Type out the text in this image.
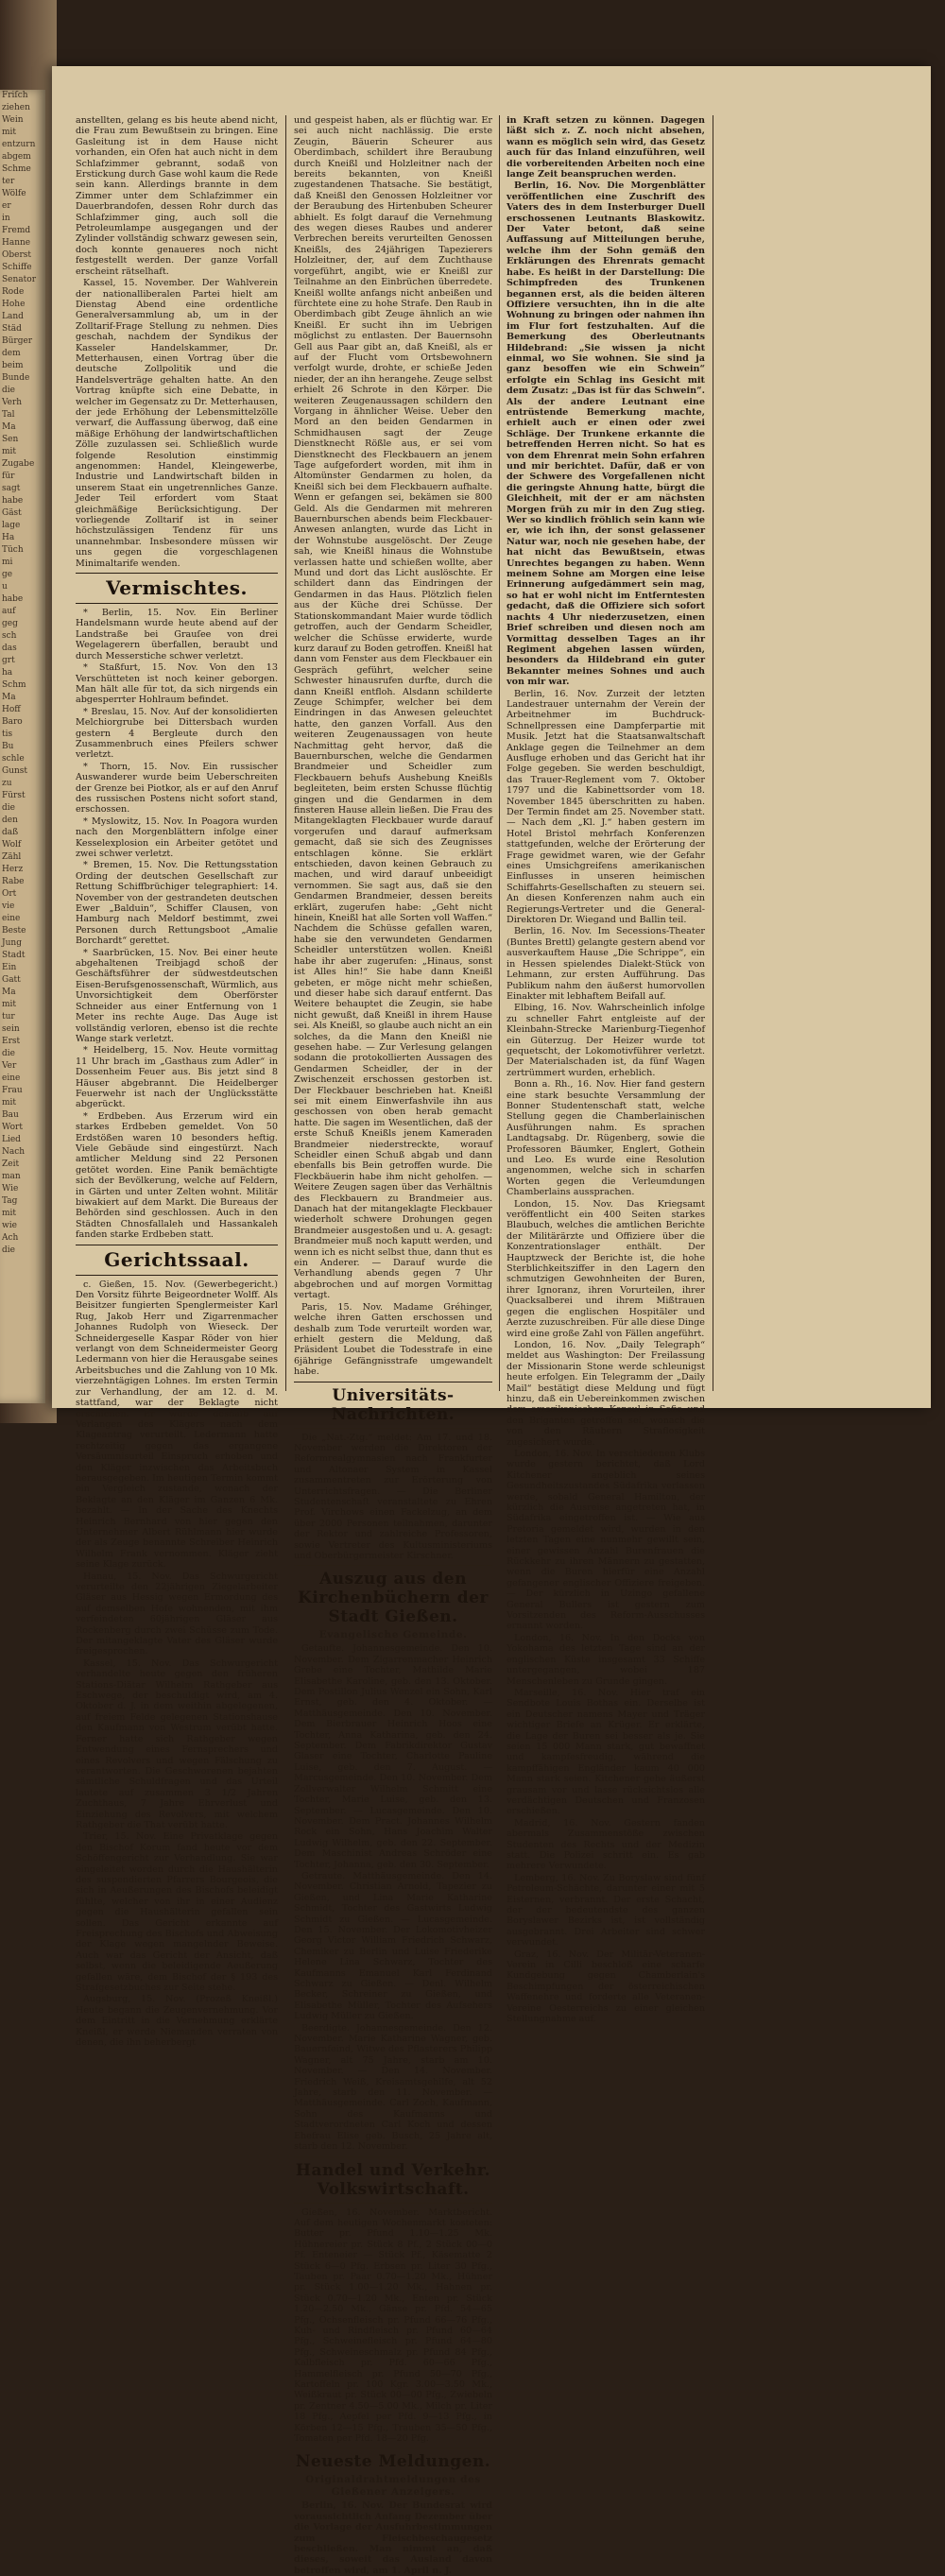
Friſch

ziehen

Wein

mit

entzurn

abgem

Schme

ter

Wölfe

er

in

Fremd

Hanne

Oberst

Schiffe

Senator

Rode

Hohe

Land

Städ

Bürger

dem

beim

Bunde

die

Verh

Tal

Ma

Sen

mit

Zugabe

für

sagt

habe

Gäst

lage

Ha

Tüch

mi

ge

u

habe

auf

geg

sch

das

grt

ha

Schm

Ma

Hoff

Baro

tis

Bu

schle

Gunst

zu

Fürst

die

den

daß

Wolf

Zähl

Herz

Rabe

Ort

vie

eine

Beste

Jung

Stadt

Ein

Gatt

Ma

mit

tur

sein

Erst

die

Ver

eine

Frau

mit

Bau

Wort

Lied

Nach

Zeit

man

Wie

Tag

mit

wie

Ach

die

anstellten, gelang es bis heute abend nicht, die Frau zum Bewußtsein zu bringen. Eine Gasleitung ist in dem Hause nicht vorhanden, ein Ofen hat auch nicht in dem Schlafzimmer gebrannt, sodaß von Erstickung durch Gase wohl kaum die Rede sein kann. Allerdings brannte in dem Zimmer unter dem Schlafzimmer ein Dauerbrandofen, dessen Rohr durch das Schlafzimmer ging, auch soll die Petroleumlampe ausgegangen und der Zylinder vollständig schwarz gewesen sein, doch konnte genaueres noch nicht festgestellt werden. Der ganze Vorfall erscheint rätselhaft.

Kassel, 15. November. Der Wahlverein der nationalliberalen Partei hielt am Dienstag Abend eine ordentliche Generalversammlung ab, um in der Zolltarif-Frage Stellung zu nehmen. Dies geschah, nachdem der Syndikus der Kasseler Handelskammer, Dr. Metterhausen, einen Vortrag über die deutsche Zollpolitik und die Handelsverträge gehalten hatte. An den Vortrag knüpfte sich eine Debatte, in welcher im Gegensatz zu Dr. Metterhausen, der jede Erhöhung der Lebensmittelzölle verwarf, die Auffassung überwog, daß eine mäßige Erhöhung der landwirtschaftlichen Zölle zuzulassen sei. Schließlich wurde folgende Resolution einstimmig angenommen: Handel, Kleingewerbe, Industrie und Landwirtschaft bilden in unserem Staat ein ungetrennliches Ganze. Jeder Teil erfordert vom Staat gleichmäßige Berücksichtigung. Der vorliegende Zolltarif ist in seiner höchstzulässigen Tendenz für uns unannehmbar. Insbesondere müssen wir uns gegen die vorgeschlagenen Minimaltarife wenden.

Vermischtes.

* Berlin, 15. Nov. Ein Berliner Handelsmann wurde heute abend auf der Landstraße bei Grauſee von drei Wegelagerern überfallen, beraubt und durch Messerstiche schwer verletzt.

* Staßfurt, 15. Nov. Von den 13 Verschütteten ist noch keiner geborgen. Man hält alle für tot, da sich nirgends ein abgesperrter Hohlraum befindet.

* Breslau, 15. Nov. Auf der konsolidierten Melchiorgrube bei Dittersbach wurden gestern 4 Bergleute durch den Zusammenbruch eines Pfeilers schwer verletzt.

* Thorn, 15. Nov. Ein russischer Auswanderer wurde beim Ueberschreiten der Grenze bei Piotkor, als er auf den Anruf des russischen Postens nicht sofort stand, erschossen.

* Myslowitz, 15. Nov. In Poagora wurden nach den Morgenblättern infolge einer Kesselexplosion ein Arbeiter getötet und zwei schwer verletzt.

* Bremen, 15. Nov. Die Rettungsstation Ording der deutschen Gesellschaft zur Rettung Schiffbrüchiger telegraphiert: 14. November von der gestrandeten deutschen Ewer „Balduin“, Schiffer Clausen, von Hamburg nach Meldorf bestimmt, zwei Personen durch Rettungsboot „Amalie Borchardt“ gerettet.

* Saarbrücken, 15. Nov. Bei einer heute abgehaltenen Treibjagd schoß der Geschäftsführer der südwestdeutschen Eisen-Berufsgenossenschaft, Würmlich, aus Unvorsichtigkeit dem Oberförster Schneider aus einer Entfernung von 1 Meter ins rechte Auge. Das Auge ist vollständig verloren, ebenso ist die rechte Wange stark verletzt.

* Heidelberg, 15. Nov. Heute vormittag 11 Uhr brach im „Gasthaus zum Adler“ in Dossenheim Feuer aus. Bis jetzt sind 8 Häuser abgebrannt. Die Heidelberger Feuerwehr ist nach der Unglücksstätte abgerückt.

* Erdbeben. Aus Erzerum wird ein starkes Erdbeben gemeldet. Von 50 Erdstößen waren 10 besonders heftig. Viele Gebäude sind eingestürzt. Nach amtlicher Meldung sind 22 Personen getötet worden. Eine Panik bemächtigte sich der Bevölkerung, welche auf Feldern, in Gärten und unter Zelten wohnt. Militär biwakiert auf dem Markt. Die Bureaus der Behörden sind geschlossen. Auch in den Städten Chnosfallaleh und Hassankaleh fanden starke Erdbeben statt.

Gerichtssaal.

c. Gießen, 15. Nov. (Gewerbegericht.) Den Vorsitz führte Beigeordneter Wolff. Als Beisitzer fungierten Spenglermeister Karl Rug, Jakob Herr und Zigarrenmacher Johannes Rudolph von Wieseck. Der Schneidergeselle Kaspar Röder von hier verlangt von dem Schneidermeister Georg Ledermann von hier die Herausgabe seines Arbeitsbuches und die Zahlung von 10 Mk. vierzehntägigen Lohnes. Im ersten Termin zur Verhandlung, der am 12. d. M. stattfand, war der Beklagte nicht erschienen. Er wurde deshalb auf Verlangen des Klägers nach dem Klageantrag verurteilt. Ledermann hatte rechtzeitig gegen das ergangene Versäumnisurteil Einspruch erhoben und den Kläger inzwischen das Arbeitsbuch herausgegeben. Im heutigen Termin kommt ein Vergleich zustande, wonach der Beklagte an den Kläger im Ganzen 6 Mk. bezahlt. — In der Sache des Knechts Heinrich Bernhard von hier gegen den Unternehmer Albert Rühlmann hier wurde der als Zeuge benannte Schreiber Heinrich Wilhelm Frank vernommen. Kläger zieht seine Klage zurück.

Hanau, 15. Nov. Das Schwurgericht verurteilte den 22jährigen Ziegelarbeiter Gläser aus Hessig wegen Ermordung des auf demselben Hofe wohnenden, mit ihm verfeindeten 60jährigen Gläser aus Rockenberg durch zwei Schüsse zum Tode. Der mitangeklagte Vater des Gläser wurde freigesprochen.

Kassel, 15. Nov. Das Schwurgericht verhandelte heute gegen den früheren Stations-Diätar Wilhelm Rathgeber aus Eschwege, der beschuldigt wird, am 4. Oktober d. J. in dem weithin abgelegenen, auf freiem Felde gelegenen Stationshause den Kaufmann von Westrum verübt hatte. Ferner hatte sich Rathgeber wegen Entwendung eines Fernsprechers und eines Revolvers und wegen Fälschung zu verantworten. Die Geschworenen bejahten sämtliche Schuldfragen und das Urteil lautete auf zusammen 3 1/2 Jahren Zuchthaus, 7 Jahre Ehrverlust und Einziehung des Revolvers, mit welchem Rathgeber die That verübt hatte.

Trier, 15. Nov. Eine Privatklage gegen den Bischof Korum fand heute vor dem Schöffengericht zur Verhandlung. Sie war eingeleitet worden durch die Haushälterin des suspendierten Pfarrers Bourgeois, die sich in Aeußerungen des Bischofs beleidigt fühlte, welcher von ihr in einer Audienz gegen die Haushälterin gefallen sein sollen. Das Gericht erkannte auf Freisprechung des Bischofs und Abweisung der Klage wegen mangelnder Beweise. Auch war das Gericht der Ansicht, daß selbst, wenn die beleidigende Aeußerung gefallen wäre, dem Bischof der § 193 des Strafgesetzbuches zur Seite stehe.

Augsburg, 15. Nov. (Prozeß Kneißl.) Heute begann die Zeugenvernehmung. Vor dem Eintritt in die Vernehmung erklärte Kneißl, er werde Niemanden verraten von denen, die ihn beherbergt

und gespeist haben, als er flüchtig war. Er sei auch nicht nachlässig. Die erste Zeugin, Bäuerin Scheurer aus Oberdimbach, schildert ihre Beraubung durch Kneißl und Holzleitner nach der bereits bekannten, von Kneißl zugestandenen Thatsache. Sie bestätigt, daß Kneißl den Genossen Holzleitner vor der Beraubung des Hirtenbuben Scheurer abhielt. Es folgt darauf die Vernehmung des wegen dieses Raubes und anderer Verbrechen bereits verurteilten Genossen Kneißls, des 24jährigen Tapezierers Holzleitner, der, auf dem Zuchthause vorgeführt, angibt, wie er Kneißl zur Teilnahme an den Einbrüchen überredete. Kneißl wollte anfangs nicht anbeißen und fürchtete eine zu hohe Strafe. Den Raub in Oberdimbach gibt Zeuge ähnlich an wie Kneißl. Er sucht ihn im Uebrigen möglichst zu entlasten. Der Bauernsohn Gell aus Paar gibt an, daß Kneißl, als er auf der Flucht vom Ortsbewohnern verfolgt wurde, drohte, er schieße Jeden nieder, der an ihn herangehe. Zeuge selbst erhielt 26 Schrote in den Körper. Die weiteren Zeugenaussagen schildern den Vorgang in ähnlicher Weise. Ueber den Mord an den beiden Gendarmen in Schmidhausen sagt der Zeuge Dienstknecht Rößle aus, er sei vom Dienstknecht des Fleckbauern an jenem Tage aufgefordert worden, mit ihm in Altomünster Gendarmen zu holen, da Kneißl sich bei dem Fleckbauern aufhalte. Wenn er gefangen sei, bekämen sie 800 Geld. Als die Gendarmen mit mehreren Bauernburschen abends beim Fleckbauer-Anwesen anlangten, wurde das Licht in der Wohnstube ausgelöscht. Der Zeuge sah, wie Kneißl hinaus die Wohnstube verlassen hatte und schießen wollte, aber Mund und dort das Licht auslöschte. Er schildert dann das Eindringen der Gendarmen in das Haus. Plötzlich fielen aus der Küche drei Schüsse. Der Stationskommandant Maier wurde tödlich getroffen, auch der Gendarm Scheidler, welcher die Schüsse erwiderte, wurde kurz darauf zu Boden getroffen. Kneißl hat dann vom Fenster aus dem Fleckbauer ein Gespräch geführt, welcher seine Schwester hinausrufen durfte, durch die dann Kneißl entfloh. Alsdann schilderte Zeuge Schimpfer, welcher bei dem Eindringen in das Anwesen geleuchtet hatte, den ganzen Vorfall. Aus den weiteren Zeugenaussagen von heute Nachmittag geht hervor, daß die Bauernburschen, welche die Gendarmen Brandmeier und Scheidler zum Fleckbauern behufs Aushebung Kneißls begleiteten, beim ersten Schusse flüchtig gingen und die Gendarmen in dem finsteren Hause allein ließen. Die Frau des Mitangeklagten Fleckbauer wurde darauf vorgerufen und darauf aufmerksam gemacht, daß sie sich des Zeugnisses entschlagen könne. Sie erklärt entschieden, davon keinen Gebrauch zu machen, und wird darauf unbeeidigt vernommen. Sie sagt aus, daß sie den Gendarmen Brandmeier, dessen bereits erklärt, zugerufen habe: „Geht nicht hinein, Kneißl hat alle Sorten voll Waffen.“ Nachdem die Schüsse gefallen waren, habe sie den verwundeten Gendarmen Scheidler unterstützen wollen. Kneißl habe ihr aber zugerufen: „Hinaus, sonst ist Alles hin!“ Sie habe dann Kneißl gebeten, er möge nicht mehr schießen, und dieser habe sich darauf entfernt. Das Weitere behauptet die Zeugin, sie habe nicht gewußt, daß Kneißl in ihrem Hause sei. Als Kneißl, so glaube auch nicht an ein solches, da die Mann den Kneißl nie gesehen habe. — Zur Verlesung gelangen sodann die protokollierten Aussagen des Gendarmen Scheidler, der in der Zwischenzeit erschossen gestorben ist. Der Fleckbauer beschrieben hat. Kneißl sei mit einem Einwerfashvile ihn aus geschossen von oben herab gemacht hatte. Die sagen im Wesentlichen, daß der erste Schuß Kneißls jenem Kameraden Brandmeier niederstreckte, worauf Scheidler einen Schuß abgab und dann ebenfalls bis Bein getroffen wurde. Die Fleckbäuerin habe ihm nicht geholfen. — Weitere Zeugen sagen über das Verhältnis des Fleckbauern zu Brandmeier aus. Danach hat der mitangeklagte Fleckbauer wiederholt schwere Drohungen gegen Brandmeier ausgestoßen und u. A. gesagt: Brandmeier muß noch kaputt werden, und wenn ich es nicht selbst thue, dann thut es ein Anderer. — Darauf wurde die Verhandlung abends gegen 7 Uhr abgebrochen und auf morgen Vormittag vertagt.

Paris, 15. Nov. Madame Gréhinger, welche ihren Gatten erschossen und deshalb zum Tode verurteilt worden war, erhielt gestern die Meldung, daß Präsident Loubet die Todesstrafe in eine 6jährige Gefängnisstrafe umgewandelt habe.

Universitäts-Nachrichten.

Die „Nat.-Ztg.“ meldet: Am 17. und 18. November werden die Direktoren der Reformrealgymnasien nach Frankfurter und Altonaer System in Kassel zusammentreten zur Erörterung von Unterrichtsfragen. — Die Berliner Studentenschaft veranstaltete zu Ehren Prof. Virchows einen Fackelzug, an dem über 2000 Personen teilnahmen, darunter der Rektor und zahlreiche Professoren, sowie Vertreter des Kultusministeriums und Oberbürgermeister Kirschner.

Auszug aus den Kirchenbüchern der Stadt Gießen.
Evangelische Gemeinde.

Getaufte. Johannesgemeinde. Den 10. November. Dem Zigarrenmacher Heinrich Grebe eine Tochter, Mathilde Marie Elisabethe Karoline, geb. den 13. Oktober. Dem Postillon Julius Wenzel ein Sohn, Karl Ernst, geb. den 4. Oktober. — Matthäusgemeinde. Den 10. November. Dem Bierbrauer Heinrich Hoos eine Tochter, Anna Katharina, geb. den 24. September. Dem Fabrikdirektor Gustav Glaser eine Tochter, Charlotte Pauline Luise, geb. den 7. August. — Marcusgemeinde. Den 10. November. Dem Zollverwalter Wilhelm Schmitt eine Tochter, Marie Luise, geb. den 13. September. — Lucasgemeinde. Den 10. November. Dem Pract. Johannes Wilhelm Rock ein Sohn, Hans Joachim Walter Ludwig Wilhelm, geb. den 22. September. Dem Maschinist Andreas Schröder eine Tochter, Johanna, geb. den 30. September.

Getraute. Matthäusgemeinde. Den 14. November. Christian Arnold, Tapezier zu Gießen, und Lina Marie Katharine Schmidt, Tochter des Gastwirts Ludwig Schmidt zu Gießen. — Lucasgemeinde. Den 15. November. Der Lokomotivheizer Georg Victor William Friedrich Schwarz, Chemiker zu Berlin und Luise Friederike Helene Lina Schwarz, Tochter des Kaufmanns Emanuel Karl Ferdinand Schwarz zu Gießen. — Denl. Wilhelm Becker, Schreiner zu Gießen, und Elisabethe Müller, Tochter des Aufsehers Ludwig Müller zu Gießen.

Beerdigte. Johannesgemeinde. Den 12. November. Marie Katharine Wagner, geb. Bauernfeind, Witwe des Pflasterers Philipp Wagner, alt 75 Jahre, starb am 10. November. — Den 14. November. Friedrich Weiß, Kreisamtsgehilfe, alt 52 Jahre, starb den 11. November. — Matthäusgemeinde. Carl Zoch, Kaufmann, Sohn des Kaufmanns und Stadtverordneten Carl Koch und dessen Ehefrau Elise geb. Busch, 25 Jahre alt, starb den 12. November.

Handel und Verkehr. Volkswirtschaft.

Gießen, 16. November. Marktbericht. Auf dem heutigen Wochenmarkt kosteten: Butter pr. Pfund 1.10—1.25 Mk. Hühnereier pr. Stück 8 Pf., 2 Stück 00—0 Pf. Enteneier — Stück Pf., Käsematte 2 Stück 6—0 Pfg. Erbsen pr. Liter 30 Pfg., Tauben pr. Paar 0.70—1.20 Mk., Hühner pr. Stück 1.00—1.20 Mk., Hahnen pr. Stück 0.70—1.20 Mk., Enten pr. Stück 1.20—2.50 Mk., Gänse pr. Pfd. 54—65 Pfg., Ochsenfleisch pr. Pfund 66—76 Pfg., Kuh- und Rindfleisch pr. Pfund 60—64 Pfg., Schweinefleisch pr. Pfund 64—80 Pfg., Schweineschmalz pr. Pfund 84 Pfg., Kalbfleisch pr. Pfd. 60—66 Pfg., Hammelfleisch pr. Pfund 50—70 Pfg., Kartoffeln pr. 100 Kgr. 3.00—3.50 Mk., Weißkraut pr. Stück 00—00 Pfg., Zwiebeln pr. Zentner 4.50—5.00 Mk., Milch pr. Liter 18 Pfg., Aepfel per Pfd. 9—13 Pfg., in Körben 12—15 Pfg., Trauben 35—50 Pfg., Tomaten per Pfd. 18—20 Pfg.

Neueste Meldungen.
Originaldrahtmeldungen des Gießener Anzeigers.

Berlin, 16. Nov. Der Bundesrat wird voraussichtlich Anfang Dezember über die Vorlage der Ausfuhrbestimmungen zum Fleischbeschaugesetz beschließen. Man nimmt an, daß dieses, soweit das Ausland davon betroffen wird, am 1. April n. J.

in Kraft setzen zu können. Dagegen läßt sich z. Z. noch nicht absehen, wann es möglich sein wird, das Gesetz auch für das Inland einzuführen, weil die vorbereitenden Arbeiten noch eine lange Zeit beanspruchen werden.

Berlin, 16. Nov. Die Morgenblätter veröffentlichen eine Zuschrift des Vaters des in dem Insterburger Duell erschossenen Leutnants Blaskowitz. Der Vater betont, daß seine Auffassung auf Mitteilungen beruhe, welche ihm der Sohn gemäß den Erklärungen des Ehrenrats gemacht habe. Es heißt in der Darstellung: Die Schimpfreden des Trunkenen begannen erst, als die beiden älteren Offiziere versuchten, ihn in die alte Wohnung zu bringen oder nahmen ihn im Flur fort festzuhalten. Auf die Bemerkung des Oberleutnants Hildebrand: „Sie wissen ja nicht einmal, wo Sie wohnen. Sie sind ja ganz besoffen wie ein Schwein“ erfolgte ein Schlag ins Gesicht mit dem Zusatz: „Das ist für das Schwein“. Als der andere Leutnant eine entrüstende Bemerkung machte, erhielt auch er einen oder zwei Schläge. Der Trunkene erkannte die betreffenden Herren nicht. So hat es von dem Ehrenrat mein Sohn erfahren und mir berichtet. Dafür, daß er von der Schwere des Vorgefallenen nicht die geringste Ahnung hatte, bürgt die Gleichheit, mit der er am nächsten Morgen früh zu mir in den Zug stieg. Wer so kindlich fröhlich sein kann wie er, wie ich ihn, der sonst gelassener Natur war, noch nie gesehen habe, der hat nicht das Bewußtsein, etwas Unrechtes begangen zu haben. Wenn meinem Sohne am Morgen eine leise Erinnerung aufgedämmert sein mag, so hat er wohl nicht im Entferntesten gedacht, daß die Offiziere sich sofort nachts 4 Uhr niederzusetzen, einen Brief schreiben und diesen noch am Vormittag desselben Tages an ihr Regiment abgehen lassen würden, besonders da Hildebrand ein guter Bekannter meines Sohnes und auch von mir war.

Berlin, 16. Nov. Zurzeit der letzten Landestrauer unternahm der Verein der Arbeitnehmer im Buchdruck-Schnellpressen eine Dampferpartie mit Musik. Jetzt hat die Staatsanwaltschaft Anklage gegen die Teilnehmer an dem Ausfluge erhoben und das Gericht hat ihr Folge gegeben. Sie werden beschuldigt, das Trauer-Reglement vom 7. Oktober 1797 und die Kabinettsorder vom 18. November 1845 überschritten zu haben. Der Termin findet am 25. November statt. — Nach dem „Kl. J.“ haben gestern im Hotel Bristol mehrfach Konferenzen stattgefunden, welche der Erörterung der Frage gewidmet waren, wie der Gefahr eines Umsichgreifens amerikanischen Einflusses in unseren heimischen Schiffahrts-Gesellschaften zu steuern sei. An diesen Konferenzen nahm auch ein Regierungs-Vertreter und die General-Direktoren Dr. Wiegand und Ballin teil.

Berlin, 16. Nov. Im Secessions-Theater (Buntes Brettl) gelangte gestern abend vor ausverkauftem Hause „Die Schrippe“, ein in Hessen spielendes Dialekt-Stück von Lehmann, zur ersten Aufführung. Das Publikum nahm den äußerst humorvollen Einakter mit lebhaftem Beifall auf.

Elbing, 16. Nov. Wahrscheinlich infolge zu schneller Fahrt entgleiste auf der Kleinbahn-Strecke Marienburg-Tiegenhof ein Güterzug. Der Heizer wurde tot gequetscht, der Lokomotivführer verletzt. Der Materialschaden ist, da fünf Wagen zertrümmert wurden, erheblich.

Bonn a. Rh., 16. Nov. Hier fand gestern eine stark besuchte Versammlung der Bonner Studentenschaft statt, welche Stellung gegen die Chamberlainischen Ausführungen nahm. Es sprachen Landtagsabg. Dr. Rügenberg, sowie die Professoren Bäumker, Englert, Gothein und Leo. Es wurde eine Resolution angenommen, welche sich in scharfen Worten gegen die Verleumdungen Chamberlains aussprachen.

London, 15. Nov. Das Kriegsamt veröffentlicht ein 400 Seiten starkes Blaubuch, welches die amtlichen Berichte der Militärärzte und Offiziere über die Konzentrationslager enthält. Der Hauptzweck der Berichte ist, die hohe Sterblichkeitsziffer in den Lagern den schmutzigen Gewohnheiten der Buren, ihrer Ignoranz, ihren Vorurteilen, ihrer Quacksalberei und ihrem Mißtrauen gegen die englischen Hospitäler und Aerzte zuzuschreiben. Für alle diese Dinge wird eine große Zahl von Fällen angeführt.

London, 16. Nov. „Daily Telegraph“ meldet aus Washington: Der Freilassung der Missionarin Stone werde schleunigst heute erfolgen. Ein Telegramm der „Daily Mail“ bestätigt diese Meldung und fügt hinzu, daß ein Uebereinkommen zwischen dem amerikanischen Konsul in Sofia und den Briganten getroffen sei, wonach die von den Räubern Straflosigkeit zugesichert wurde.

London, 16. Nov. In verschiedenen Klubs wurde gestern berichtet, daß Lord Kitchener angeblich seines Gesundheitszustandes Südafrika verlassen werde, sobald General Hamilton, der kürzlich die Ausreise angetreten hat, in Südafrika eingetroffen ist. — Wie aus Pretoria gemeldet wird, wurden in den letzten Tagen eine nunmehr gewillt sein, einer gewissen Anzahl Burenfrauen die Rückkehr zu ihren Männern zu gestatten, wenn die Buren hierfür eine Anzahl gefangener englischer Offiziere freigeben. — Der kürzlich in Uzingo gefallene General Bullers ist gestern zum Vorsitzenden des Reform-Ausschusses ernannt worden.

London, 16. Nov. In den Docks von Yokohama des letzten Tage sind an der englischen Küste insgesamt 33 Schiffe untergegangen, wobei 187 Menschenleben zu Grunde gingen.

Marseille, 16. Nov. Hier traf ein Sendbote Louis Bothas ein. Derselbe ist ein Deutscher namens Mayer und Träger wichtiger Briefe an Krüger. Er erklärte, die Lage der Buren sei besser als je. Sie seien 15 000 Mann stark, gut bewaffnet und kampfesfreudig, während die kampffähigen Engländer kaum 40 000 Mann stark seien. Kitchener gehe äußerst grausam vor und lasse rücksichtslos alle verdächtigen Deutschen und Franzosen erschießen.

Madrid, 16. Nov. Gestern fanden abermals Zusammenstöße zwischen Studenten des Rechts und der Medizin statt. Die Polizei schritt ein. Es gab mehrere Verwundete.

Lemberg, 16. Nov. Zu Boryslaw sind fünf Petroleum-Schächte, darunter einer mit 5 Eisternen, verbrannt. Der erste Schacht, der der bedeutendste des ganzen Boryslawer Bezirks ist, ist vollständig ausgebrannt. Drei Arbeiter sind schwer verwundet.

Graz, 16. Nov. Der Militär-Veteranen-Verein in Cilli beschloß eine scharfe Kundgebung gegen Chamberlain's Beschimpfungen der österreichischen Waffenehre und forderte alle Veteranen-Vereine Oesterreichs zu einer gleichen Stellungnahme auf.
